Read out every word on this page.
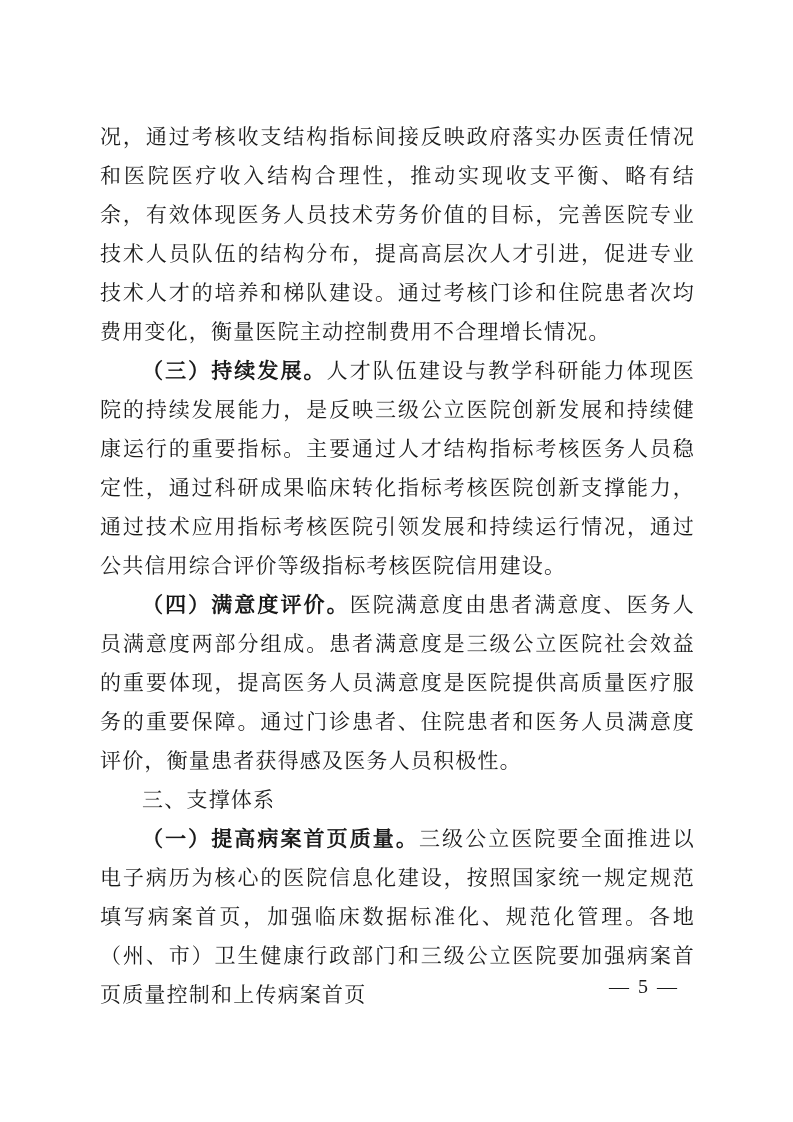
况，通过考核收支结构指标间接反映政府落实办医责任情况和医院医疗收入结构合理性，推动实现收支平衡、略有结余，有效体现医务人员技术劳务价值的目标，完善医院专业技术人员队伍的结构分布，提高高层次人才引进，促进专业技术人才的培养和梯队建设。通过考核门诊和住院患者次均费用变化，衡量医院主动控制费用不合理增长情况。

（三）持续发展。人才队伍建设与教学科研能力体现医院的持续发展能力，是反映三级公立医院创新发展和持续健康运行的重要指标。主要通过人才结构指标考核医务人员稳定性，通过科研成果临床转化指标考核医院创新支撑能力，通过技术应用指标考核医院引领发展和持续运行情况，通过公共信用综合评价等级指标考核医院信用建设。

（四）满意度评价。医院满意度由患者满意度、医务人员满意度两部分组成。患者满意度是三级公立医院社会效益的重要体现，提高医务人员满意度是医院提供高质量医疗服务的重要保障。通过门诊患者、住院患者和医务人员满意度评价，衡量患者获得感及医务人员积极性。

三、支撑体系

（一）提高病案首页质量。三级公立医院要全面推进以电子病历为核心的医院信息化建设，按照国家统一规定规范填写病案首页，加强临床数据标准化、规范化管理。各地（州、市）卫生健康行政部门和三级公立医院要加强病案首页质量控制和上传病案首页	— 5 —
